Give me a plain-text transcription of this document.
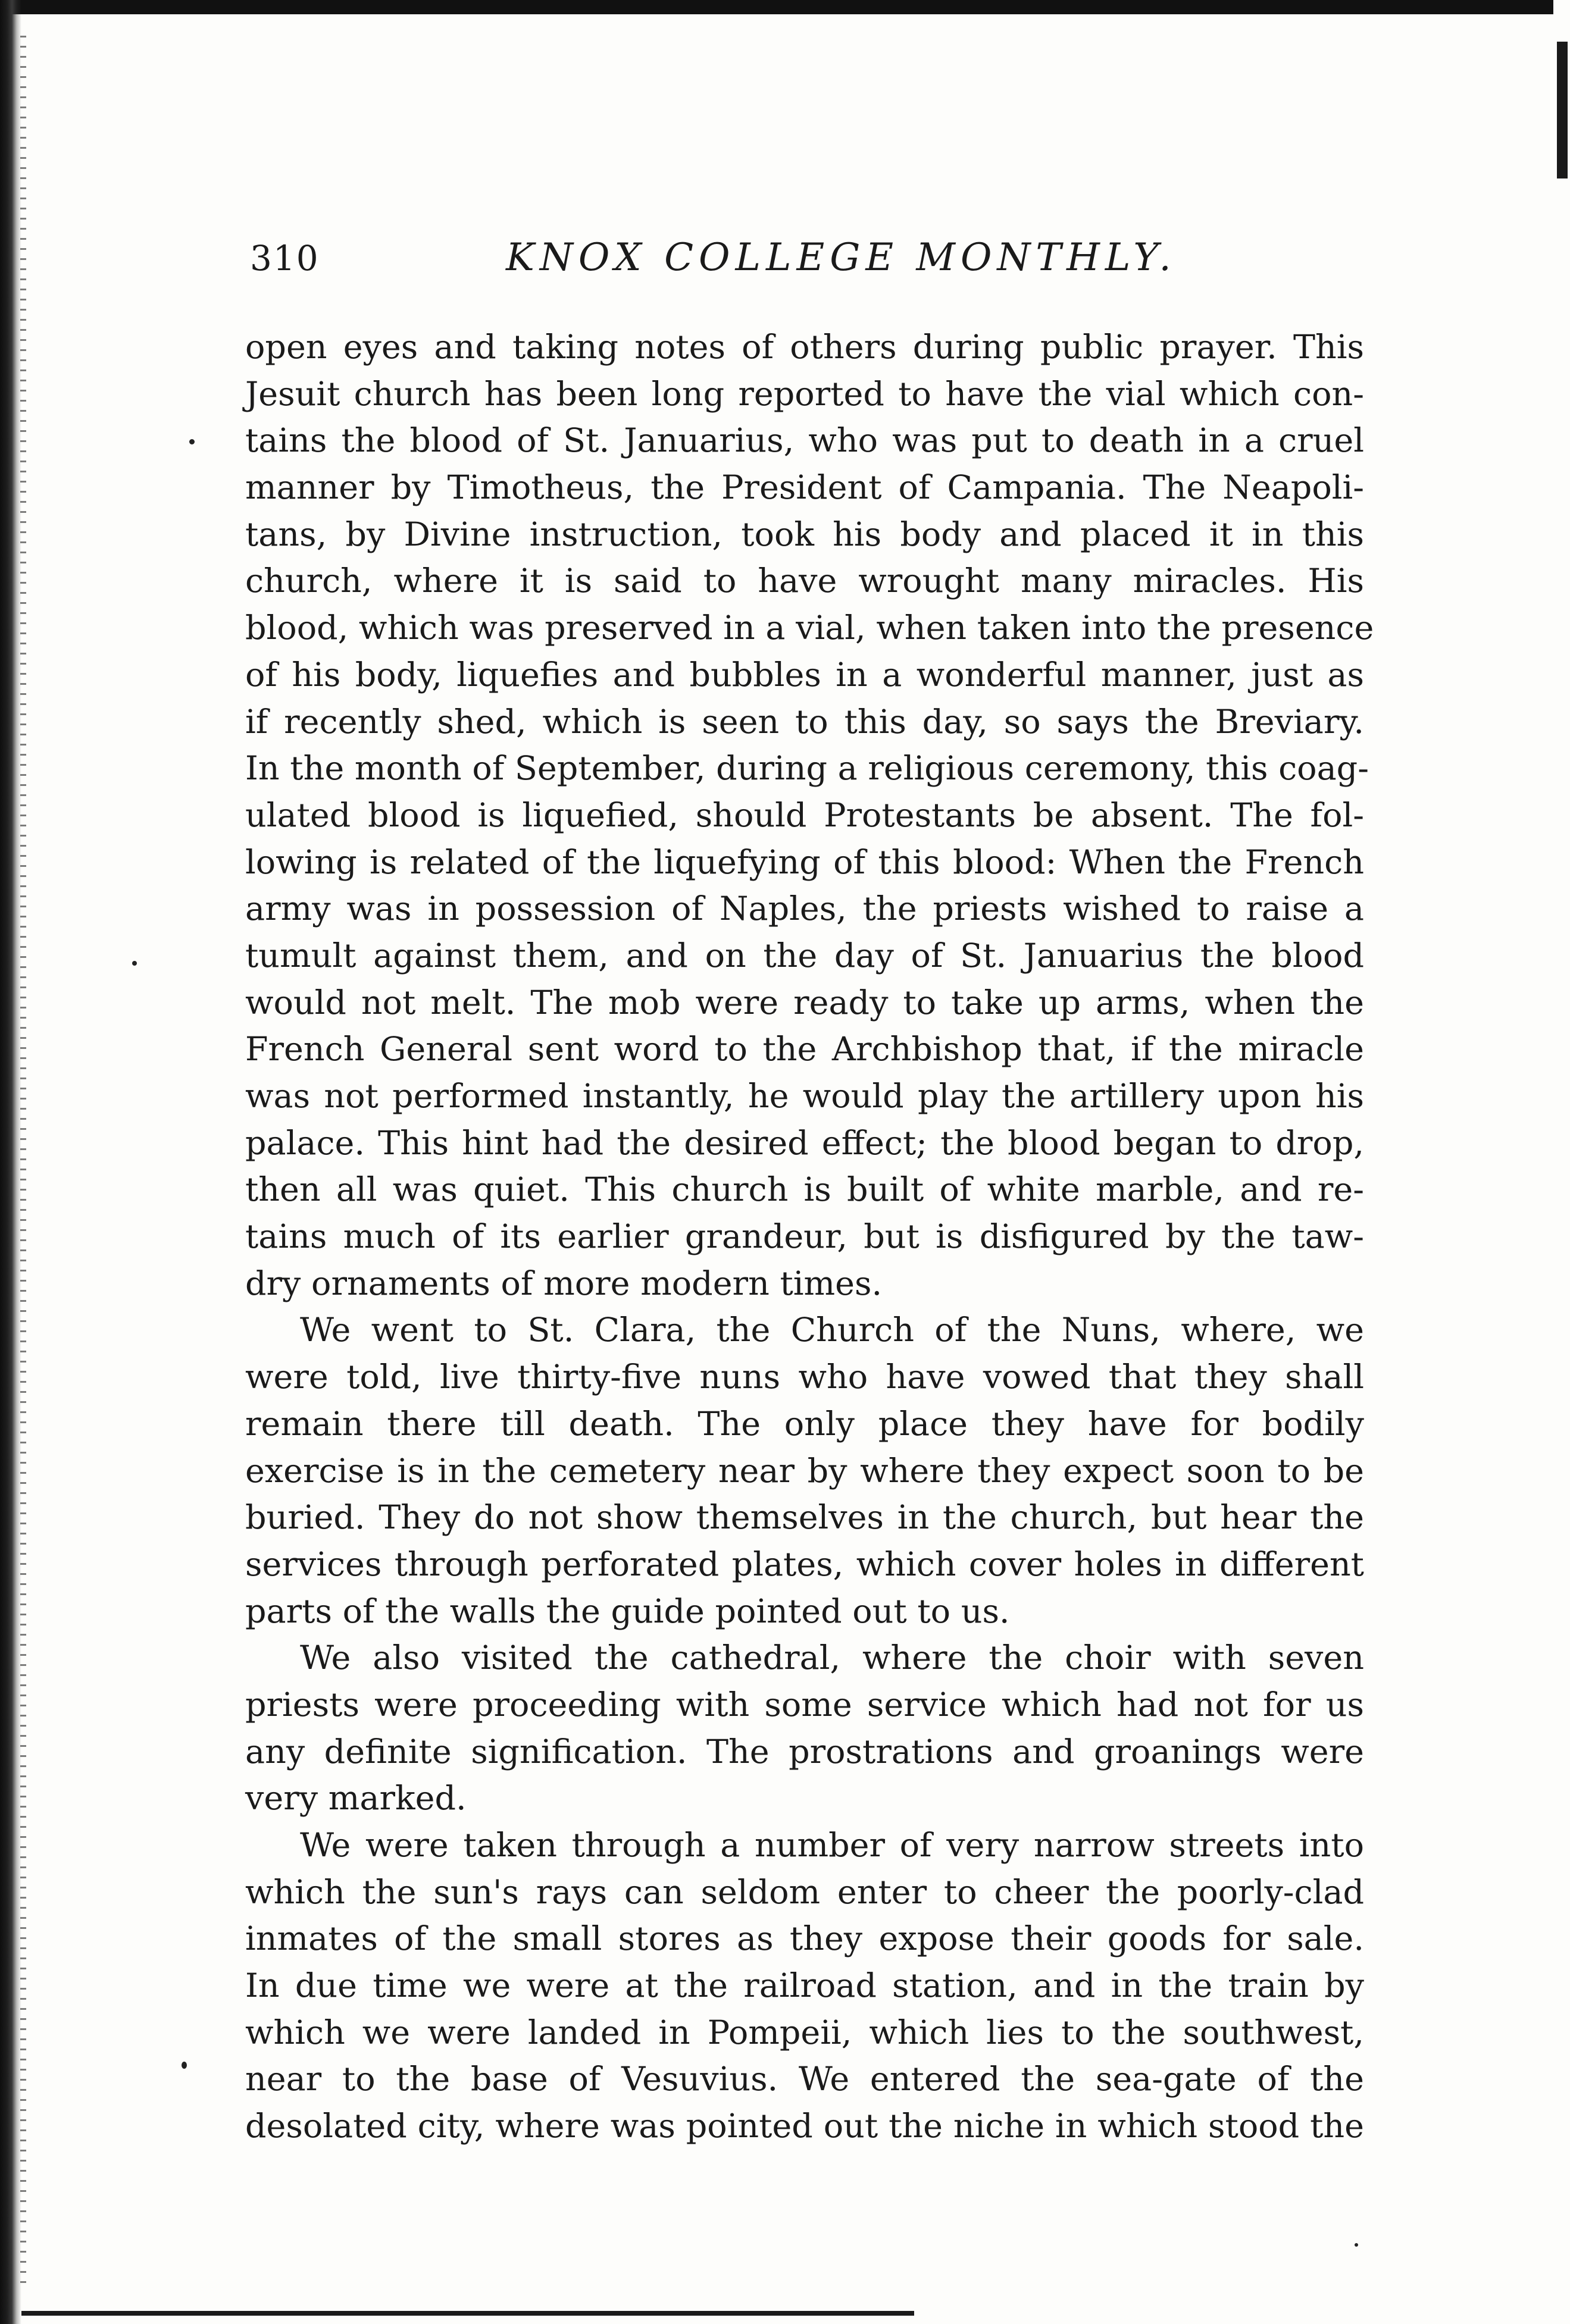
310	KNOX COLLEGE MONTHLY.
open eyes and taking notes of others during public prayer. This
Jesuit church has been long reported to have the vial which con-
tains the blood of St. Januarius, who was put to death in a cruel
manner by Timotheus, the President of Campania. The Neapoli-
tans, by Divine instruction, took his body and placed it in this
church, where it is said to have wrought many miracles. His
blood, which was preserved in a vial, when taken into the presence
of his body, liquefies and bubbles in a wonderful manner, just as
if recently shed, which is seen to this day, so says the Breviary.
In the month of September, during a religious ceremony, this coag-
ulated blood is liquefied, should Protestants be absent. The fol-
lowing is related of the liquefying of this blood: When the French
army was in possession of Naples, the priests wished to raise a
tumult against them, and on the day of St. Januarius the blood
would not melt. The mob were ready to take up arms, when the
French General sent word to the Archbishop that, if the miracle
was not performed instantly, he would play the artillery upon his
palace. This hint had the desired effect; the blood began to drop,
then all was quiet. This church is built of white marble, and re-
tains much of its earlier grandeur, but is disfigured by the taw-
dry ornaments of more modern times.
We went to St. Clara, the Church of the Nuns, where, we
were told, live thirty-five nuns who have vowed that they shall
remain there till death. The only place they have for bodily
exercise is in the cemetery near by where they expect soon to be
buried. They do not show themselves in the church, but hear the
services through perforated plates, which cover holes in different
parts of the walls the guide pointed out to us.
We also visited the cathedral, where the choir with seven
priests were proceeding with some service which had not for us
any definite signification. The prostrations and groanings were
very marked.
We were taken through a number of very narrow streets into
which the sun's rays can seldom enter to cheer the poorly-clad
inmates of the small stores as they expose their goods for sale.
In due time we were at the railroad station, and in the train by
which we were landed in Pompeii, which lies to the southwest,
near to the base of Vesuvius. We entered the sea-gate of the
desolated city, where was pointed out the niche in which stood the
